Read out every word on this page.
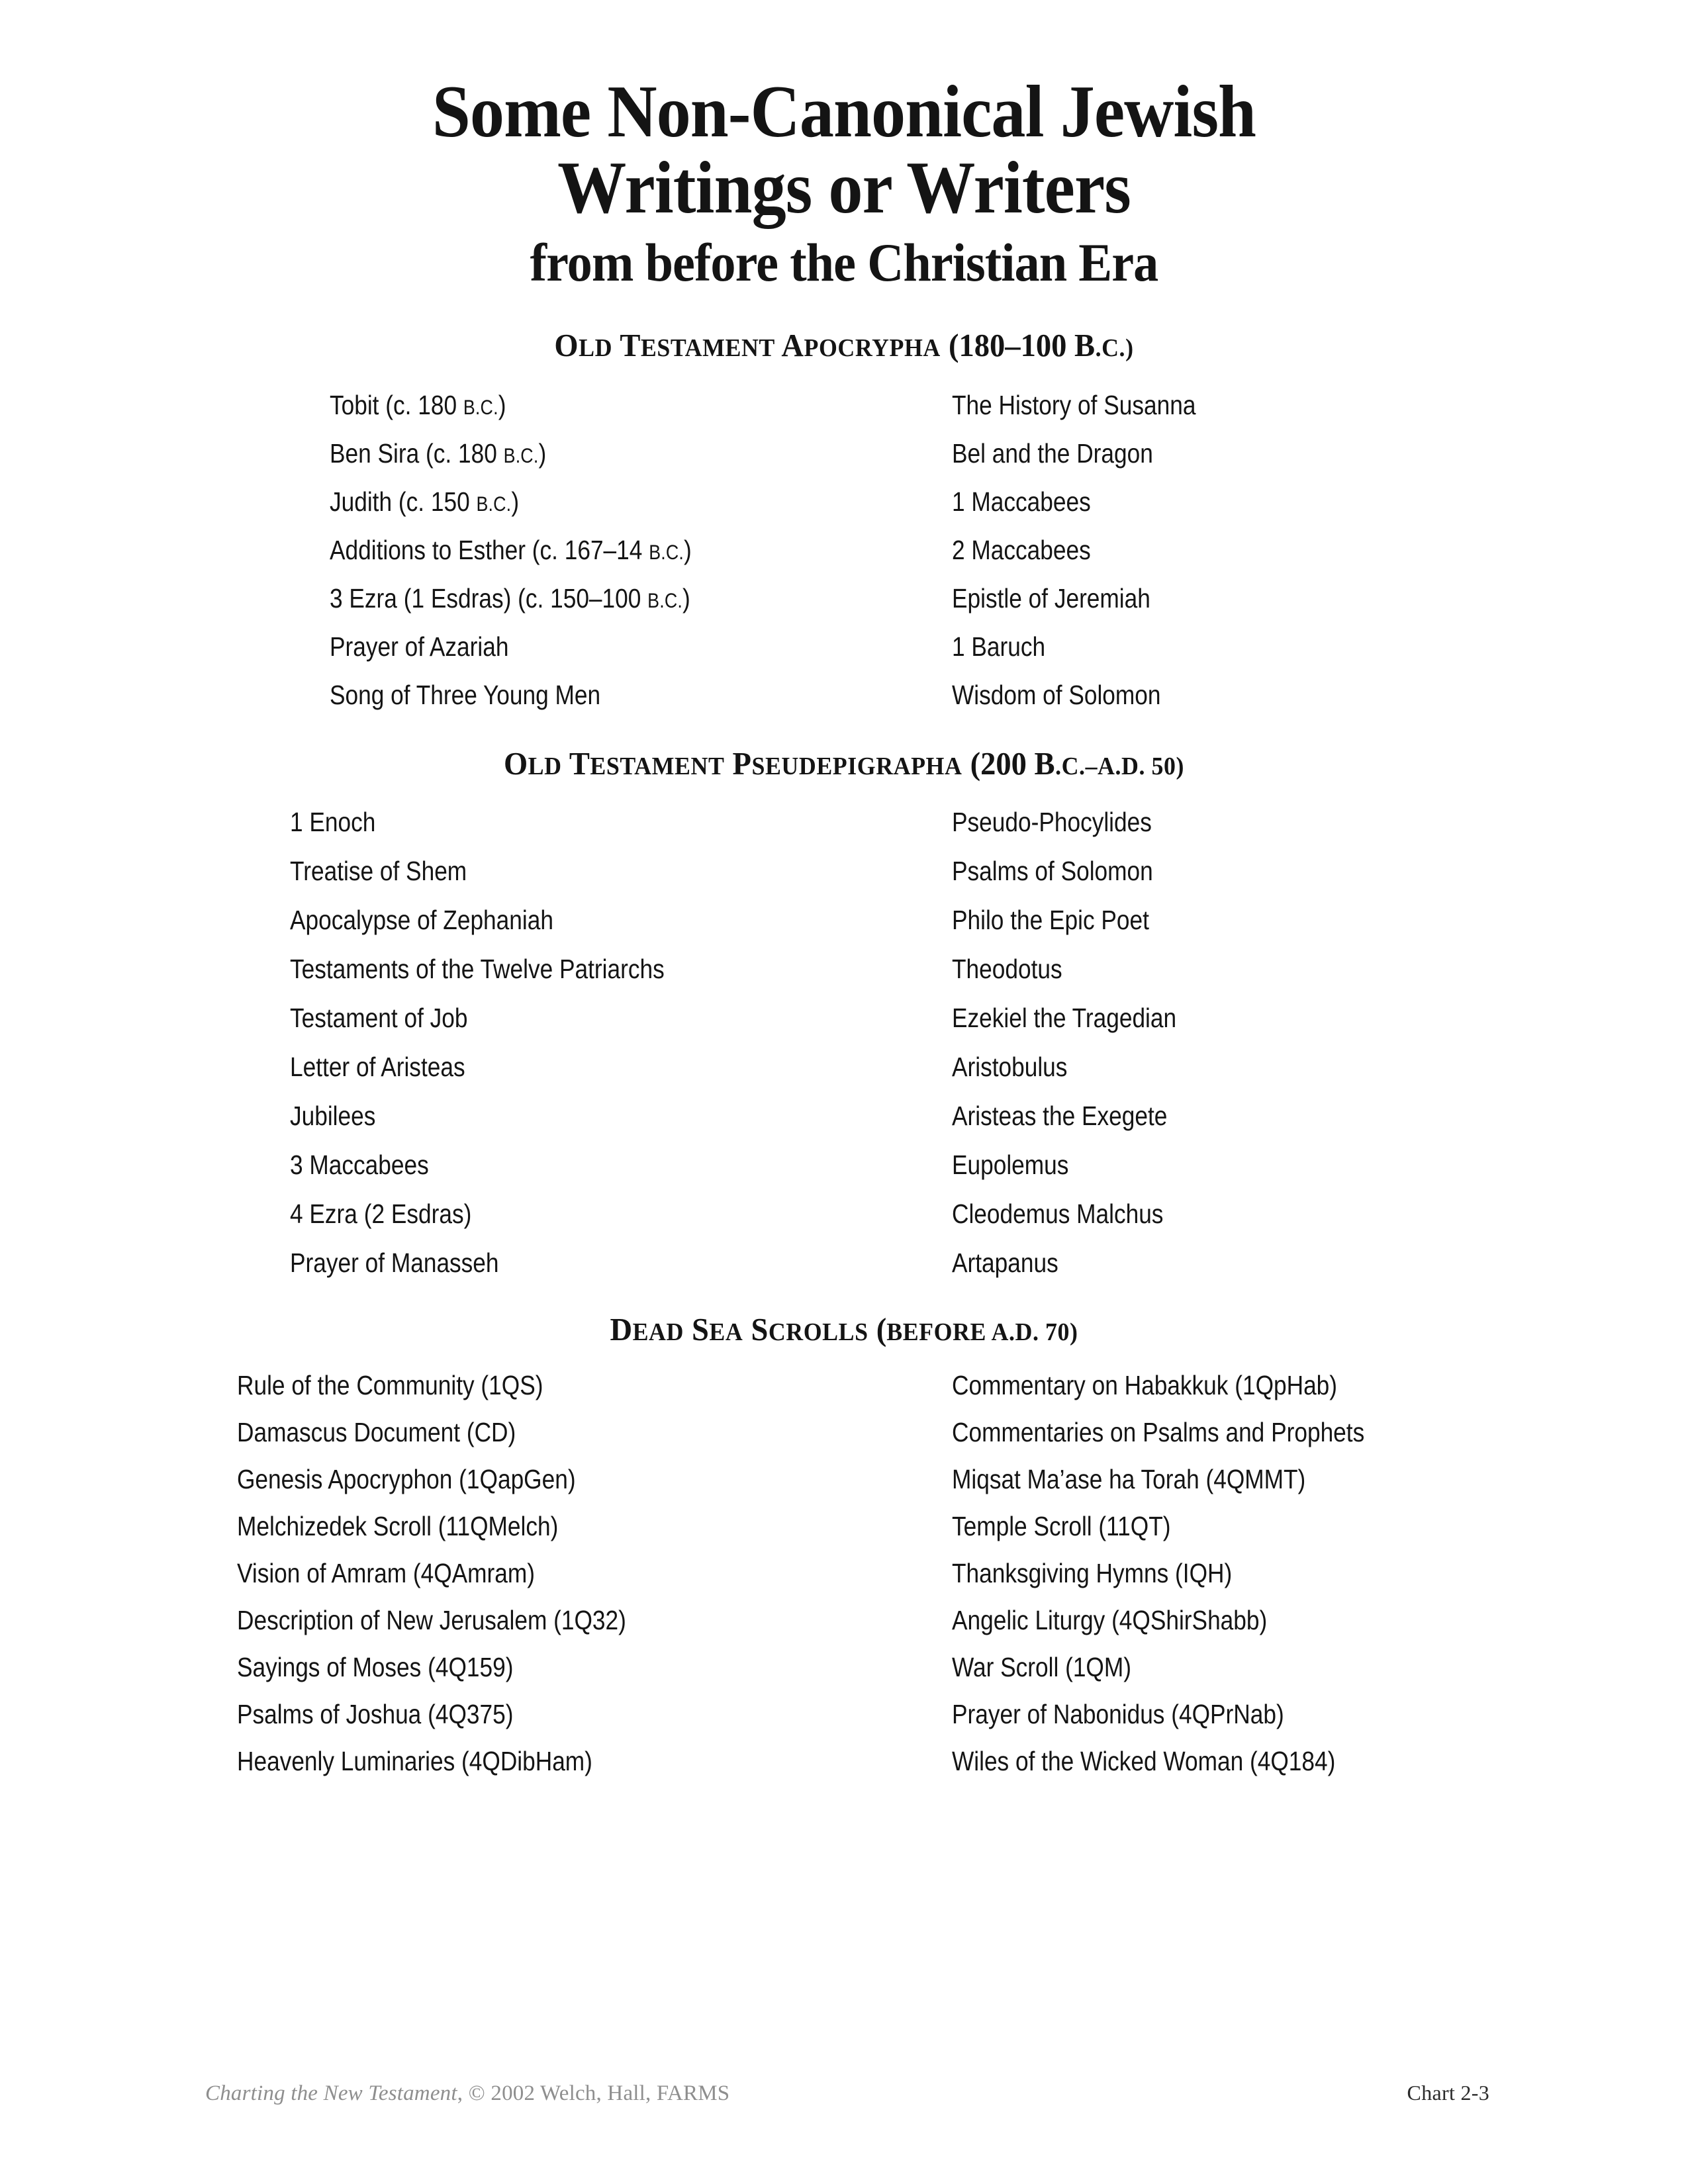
Some Non-Canonical Jewish
Writings or Writers
from before the Christian Era
OLD TESTAMENT APOCRYPHA (180–100 B.C.)
Tobit (c. 180 B.C.)
Ben Sira (c. 180 B.C.)
Judith (c. 150 B.C.)
Additions to Esther (c. 167–14 B.C.)
3 Ezra (1 Esdras) (c. 150–100 B.C.)
Prayer of Azariah
Song of Three Young Men
The History of Susanna
Bel and the Dragon
1 Maccabees
2 Maccabees
Epistle of Jeremiah
1 Baruch
Wisdom of Solomon
OLD TESTAMENT PSEUDEPIGRAPHA (200 B.C.–A.D. 50)
1 Enoch
Treatise of Shem
Apocalypse of Zephaniah
Testaments of the Twelve Patriarchs
Testament of Job
Letter of Aristeas
Jubilees
3 Maccabees
4 Ezra (2 Esdras)
Prayer of Manasseh
Pseudo-Phocylides
Psalms of Solomon
Philo the Epic Poet
Theodotus
Ezekiel the Tragedian
Aristobulus
Aristeas the Exegete
Eupolemus
Cleodemus Malchus
Artapanus
DEAD SEA SCROLLS (BEFORE A.D. 70)
Rule of the Community (1QS)
Damascus Document (CD)
Genesis Apocryphon (1QapGen)
Melchizedek Scroll (11QMelch)
Vision of Amram (4QAmram)
Description of New Jerusalem (1Q32)
Sayings of Moses (4Q159)
Psalms of Joshua (4Q375)
Heavenly Luminaries (4QDibHam)
Commentary on Habakkuk (1QpHab)
Commentaries on Psalms and Prophets
Miqsat Ma’ase ha Torah (4QMMT)
Temple Scroll (11QT)
Thanksgiving Hymns (IQH)
Angelic Liturgy (4QShirShabb)
War Scroll (1QM)
Prayer of Nabonidus (4QPrNab)
Wiles of the Wicked Woman (4Q184)
Charting the New Testament, © 2002 Welch, Hall, FARMS	Chart 2-3
